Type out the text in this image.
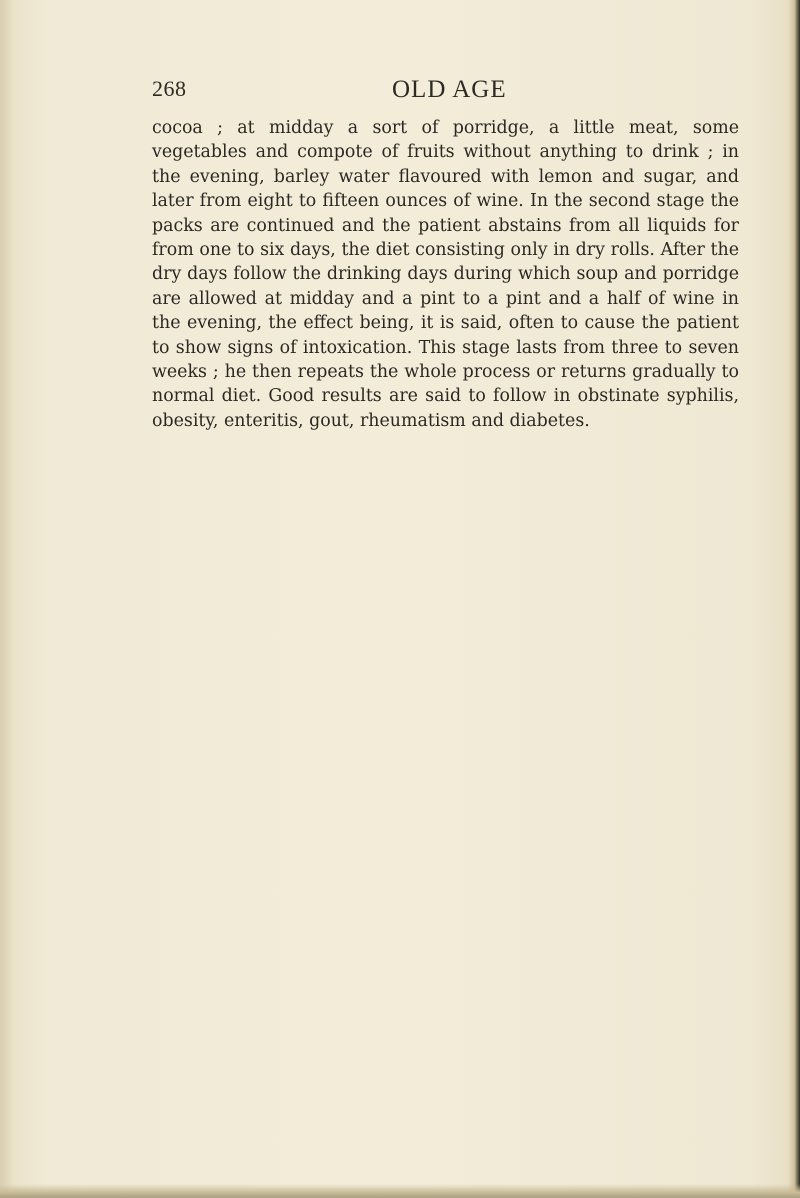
268	OLD AGE

cocoa ; at midday a sort of porridge, a little meat, some vegetables and compote of fruits without anything to drink ; in the evening, barley water flavoured with lemon and sugar, and later from eight to fifteen ounces of wine. In the second stage the packs are continued and the patient abstains from all liquids for from one to six days, the diet consisting only in dry rolls. After the dry days follow the drinking days during which soup and porridge are allowed at midday and a pint to a pint and a half of wine in the evening, the effect being, it is said, often to cause the patient to show signs of intoxication. This stage lasts from three to seven weeks ; he then repeats the whole process or returns gradually to normal diet. Good results are said to follow in obstinate syphilis, obesity, enteritis, gout, rheumatism and diabetes.
